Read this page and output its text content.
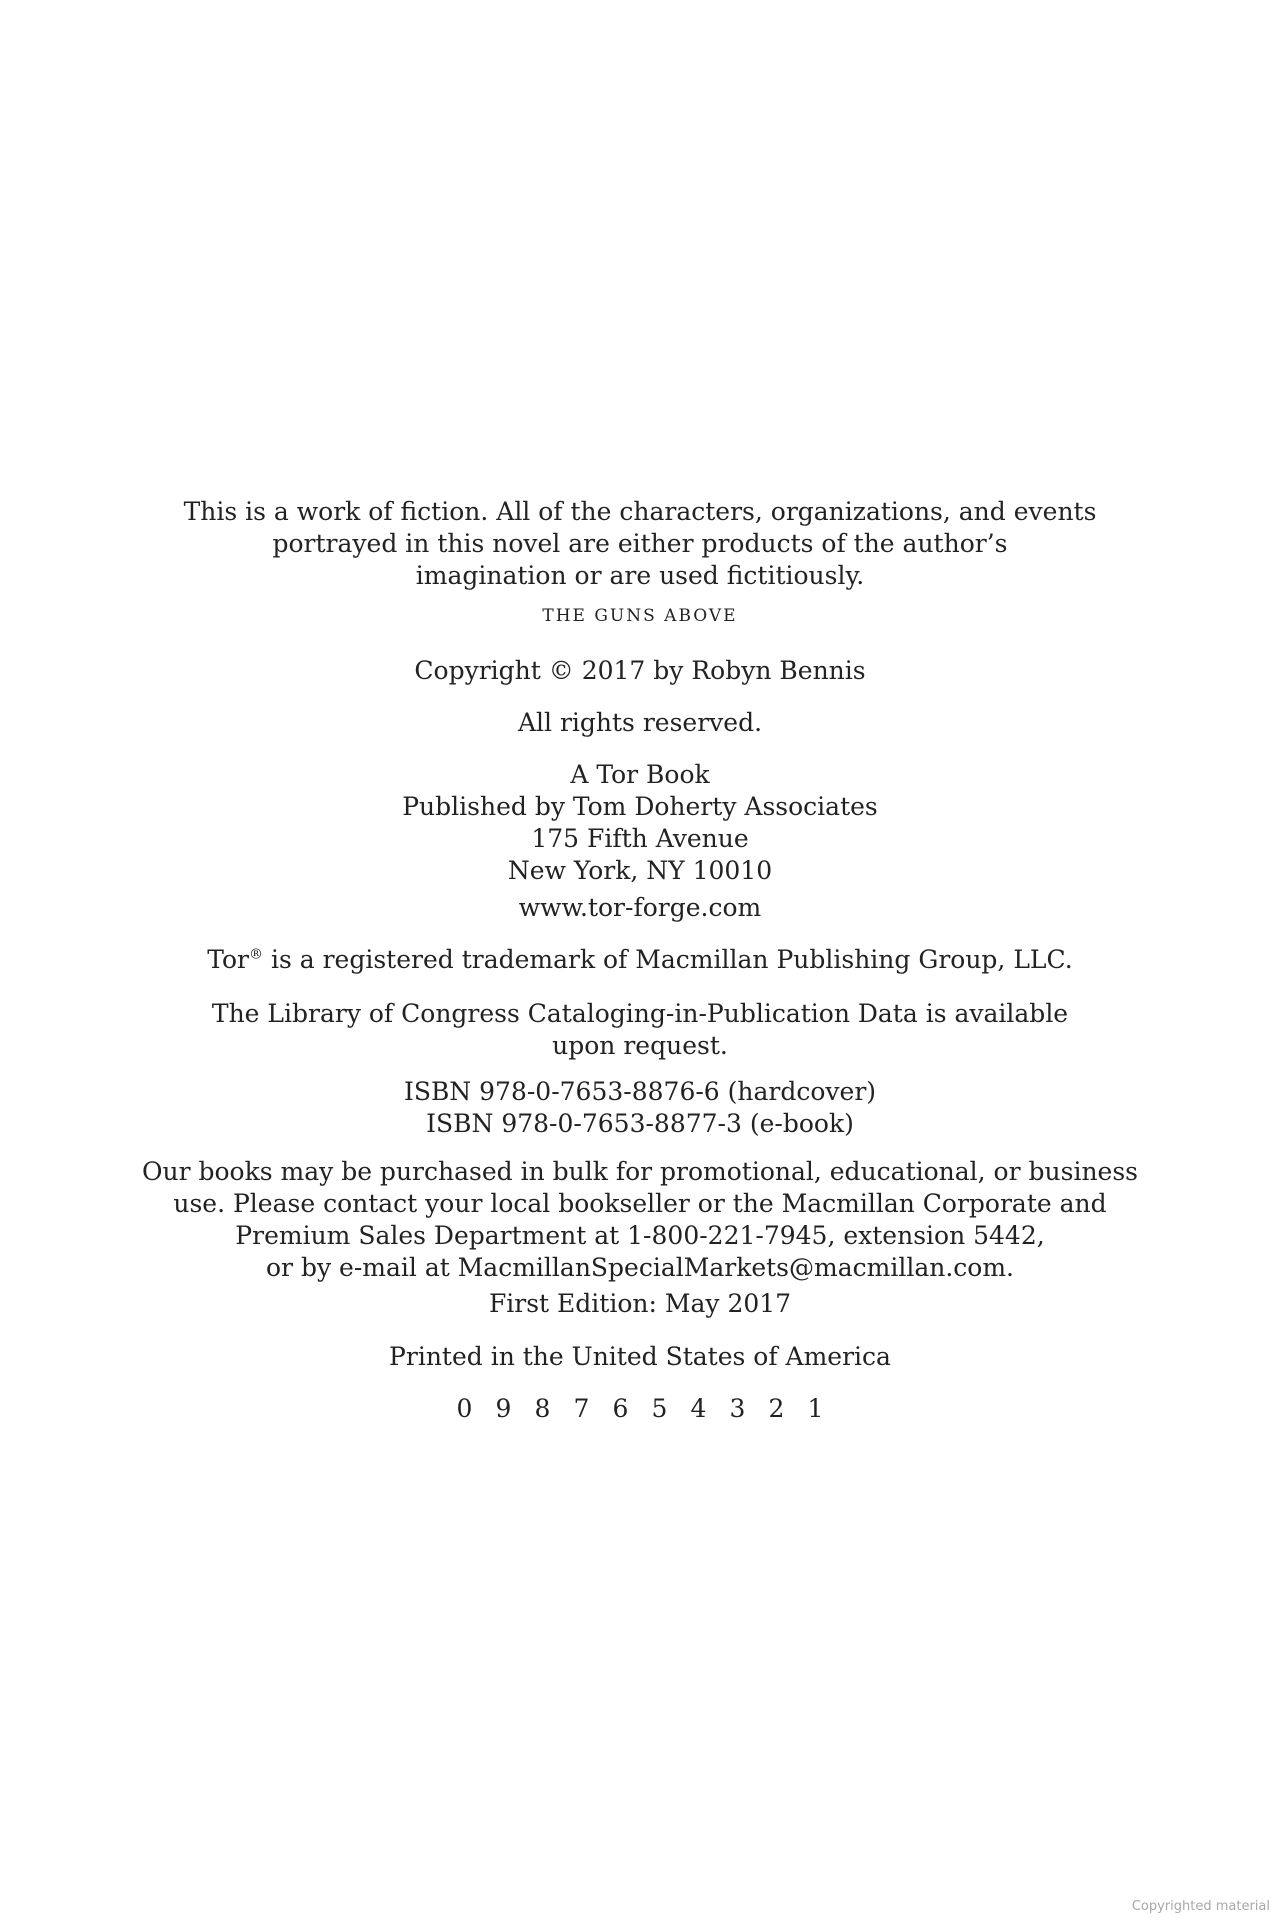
This is a work of fiction. All of the characters, organizations, and events
portrayed in this novel are either products of the author’s
imagination or are used fictitiously.
THE GUNS ABOVE
Copyright © 2017 by Robyn Bennis
All rights reserved.
A Tor Book
Published by Tom Doherty Associates
175 Fifth Avenue
New York, NY 10010
www.tor-forge.com
Tor® is a registered trademark of Macmillan Publishing Group, LLC.
The Library of Congress Cataloging-in-Publication Data is available
upon request.
ISBN 978-0-7653-8876-6 (hardcover)
ISBN 978-0-7653-8877-3 (e-book)
Our books may be purchased in bulk for promotional, educational, or business
use. Please contact your local bookseller or the Macmillan Corporate and
Premium Sales Department at 1-800-221-7945, extension 5442,
or by e-mail at MacmillanSpecialMarkets@macmillan.com.
First Edition: May 2017
Printed in the United States of America
0 9 8 7 6 5 4 3 2 1
Copyrighted material
